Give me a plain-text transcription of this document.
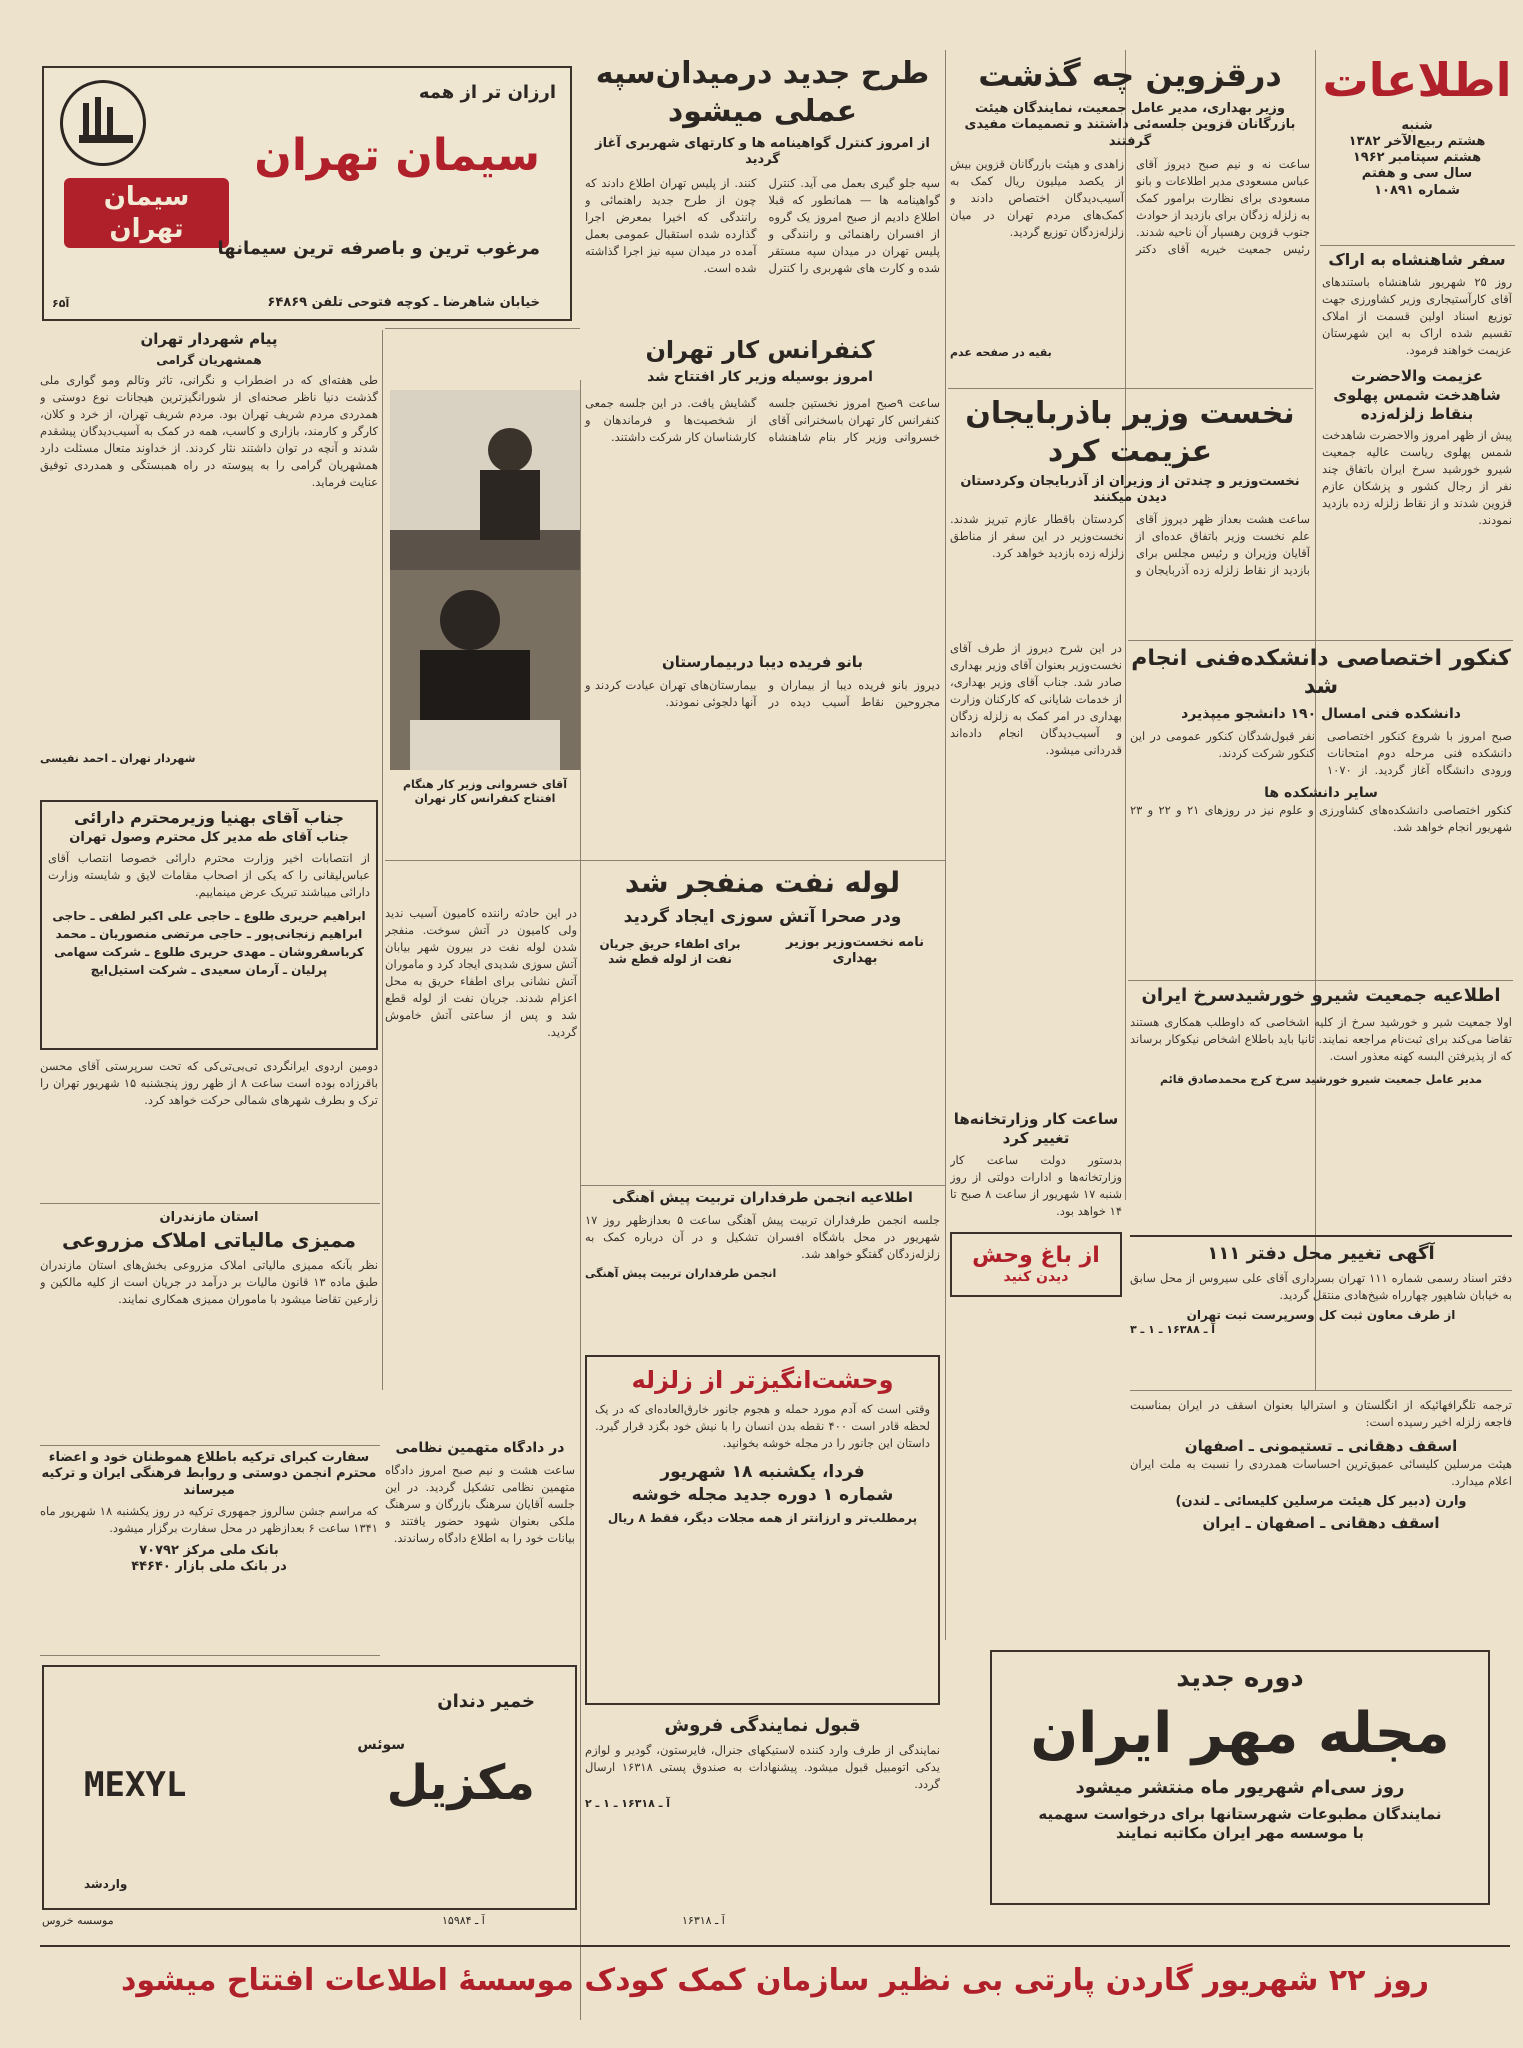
اطلاعات
شنبه
هشتم ربیع‌الآخر ۱۳۸۲
هشتم سپتامبر ۱۹۶۲
سال سی و هفتم
شماره ۱۰۸۹۱
سفر شاهنشاه به اراک
روز ۲۵ شهریور شاهنشاه باستندهای آقای کارآستیجاری وزیر کشاورزی جهت توزیع اسناد اولین قسمت از املاک تقسیم شده اراک به این شهرستان عزیمت خواهند فرمود.
عزیمت والاحضرت شاهدخت شمس پهلوی بنقاط زلزله‌زده
پیش از ظهر امروز والاحضرت شاهدخت شمس پهلوی ریاست عالیه جمعیت شیرو خورشید سرخ ایران باتفاق چند نفر از رجال کشور و پزشکان عازم قزوین شدند و از نقاط زلزله زده بازدید نمودند.
درقزوین چه گذشت
وزیر بهداری، مدیر عامل جمعیت، نمایندگان هیئت بازرگانان قزوین جلسه‌ئی داشتند و تصمیمات مفیدی گرفتند
ساعت نه و نیم صبح دیروز آقای عباس مسعودی مدیر اطلاعات و بانو مسعودی برای نظارت برامور کمک به زلزله زدگان برای بازدید از حوادث جنوب قزوین رهسپار آن ناحیه شدند. رئیس جمعیت خیریه آقای دکتر زاهدی و هیئت بازرگانان قزوین بیش از یکصد میلیون ریال کمک به آسیب‌دیدگان اختصاص دادند و کمک‌های مردم تهران در میان زلزله‌زدگان توزیع گردید.
بقیه در صفحه عدم
نخست وزیر باذربایجان
عزیمت کرد
نخست‌وزیر و چندتن از وزیران از آذربایجان وکردستان دیدن میکنند
ساعت هشت بعداز ظهر دیروز آقای علم نخست وزیر باتفاق عده‌ای از آقایان وزیران و رئیس مجلس برای بازدید از نقاط زلزله زده آذربایجان و کردستان باقطار عازم تبریز شدند. نخست‌وزیر در این سفر از مناطق زلزله زده بازدید خواهد کرد.
کنکور اختصاصی دانشکده‌فنی انجام شد
دانشکده فنی امسال ۱۹۰ دانشجو میپذیرد
صبح امروز با شروع کنکور اختصاصی دانشکده فنی مرحله دوم امتحانات ورودی دانشگاه آغاز گردید. از ۱۰۷۰ نفر قبول‌شدگان کنکور عمومی در این کنکور شرکت کردند.
سایر دانشکده ها
کنکور اختصاصی دانشکده‌های کشاورزی و علوم نیز در روزهای ۲۱ و ۲۲ و ۲۳ شهریور انجام خواهد شد.
در این شرح دیروز از طرف آقای نخست‌وزیر بعنوان آقای وزیر بهداری صادر شد. جناب آقای وزیر بهداری، از خدمات شایانی که کارکنان وزارت بهداری در امر کمک به زلزله زدگان و آسیب‌دیدگان انجام داده‌اند قدردانی میشود.
اطلاعیه جمعیت شیرو خورشیدسرخ ایران
اولا جمعیت شیر و خورشید سرخ از کلیه اشخاصی که داوطلب همکاری هستند تقاضا می‌کند برای ثبت‌نام مراجعه نمایند. ثانیا باید باطلاع اشخاص نیکوکار برساند که از پذیرفتن البسه کهنه معذور است.
مدیر عامل جمعیت شیرو خورشید سرخ کرج محمدصادق قائم
آگهی تغییر محل دفتر ۱۱۱
دفتر اسناد رسمی شماره ۱۱۱ تهران بسرداری آقای علی سیروس از محل سابق به خیابان شاهپور چهارراه شیخ‌هادی منتقل گردید.
از طرف معاون ثبت کل وسرپرست ثبت تهران
آ ـ ۱۶۳۸۸ ـ ۱ ـ ۳
ساعت کار وزارتخانه‌ها تغییر کرد
بدستور دولت ساعت کار وزارتخانه‌ها و ادارات دولتی از روز شنبه ۱۷ شهریور از ساعت ۸ صبح تا ۱۴ خواهد بود.
از باغ وحش
دیدن کنید
ترجمه تلگرافهائیکه از انگلستان و استرالیا بعنوان اسقف در ایران بمناسبت فاجعه زلزله اخیر رسیده است:
اسقف دهقانی ـ تستیمونی ـ اصفهان
هیئت مرسلین کلیسائی عمیق‌ترین احساسات همدردی را نسبت به ملت ایران اعلام میدارد.
وارن (دبیر کل هیئت مرسلین کلیسائی ـ لندن)
اسقف دهقانی ـ اصفهان ـ ایران
دوره جدید
مجله مهر ایران
روز سی‌ام شهریور ماه منتشر میشود
نمایندگان مطبوعات شهرستانها برای درخواست سهمیه
با موسسه مهر ایران مکاتبه نمایند
ارزان تر از همه
سیمان تهران
سیمان تهران
مرغوب ترین و باصرفه ترین سیمانها
خیابان شاهرضا ـ کوچه فتوحی تلفن ۶۴۸۶۹
آ۶۵
طرح جدید درمیدان‌سپه
عملی میشود
از امروز کنترل گواهینامه ها و کارتهای شهربری آغاز گردید
سپه جلو گیری بعمل می آید. کنترل گواهینامه ها — همانطور که قبلا اطلاع دادیم از صبح امروز یک گروه از افسران راهنمائی و رانندگی و پلیس تهران در میدان سپه مستقر شده و کارت های شهربری را کنترل کنند. از پلیس تهران اطلاع دادند که چون از طرح جدید راهنمائی و رانندگی که اخیرا بمعرض اجرا گذارده شده استقبال عمومی بعمل آمده در میدان سپه نیز اجرا گذاشته شده است.
کنفرانس کار تهران
امروز بوسیله وزیر کار افتتاح شد
ساعت ۹صبح امروز نخستین جلسه کنفرانس کار تهران باسخنرانی آقای خسروانی وزیر کار بنام شاهنشاه گشایش یافت. در این جلسه جمعی از شخصیت‌ها و فرماندهان و کارشناسان کار شرکت داشتند.
بانو فریده دیبا دربیمارستان
دیروز بانو فریده دیبا از بیماران و مجروحین نقاط آسیب دیده در بیمارستان‌های تهران عیادت کردند و آنها دلجوئی نمودند.
آقای خسروانی وزیر کار هنگام
افتتاح کنفرانس کار تهران
پیام شهردار تهران
همشهریان گرامی
طی هفته‌ای که در اضطراب و نگرانی، تاثر وتالم ومو گواری ملی گذشت دنیا ناظر صحنه‌ای از شورانگیزترین هیجانات نوع دوستی و همدردی مردم شریف تهران بود. مردم شریف تهران، از خرد و کلان، کارگر و کارمند، بازاری و کاسب، همه در کمک به آسیب‌دیدگان پیشقدم شدند و آنچه در توان داشتند نثار کردند. از خداوند متعال مسئلت دارد همشهریان گرامی را به پیوسته در راه همبستگی و همدردی توفیق عنایت فرماید.
شهردار تهران ـ احمد نفیسی
جناب آقای بهنیا وزیرمحترم دارائی
جناب آقای طه مدیر کل محترم وصول تهران
از انتصابات اخیر وزارت محترم دارائی خصوصا انتصاب آقای عباس‌لیقانی را که یکی از اصحاب مقامات لایق و شایسته وزارت دارائی میباشند تبریک عرض مینماییم.
ابراهیم حریری طلوع ـ حاجی علی اکبر لطفی ـ حاجی ابراهیم زنجانی‌پور ـ حاجی مرتضی منصوریان ـ محمد کرباسفروشان ـ مهدی حریری طلوع ـ شرکت سهامی پرلیان ـ آرمان سعیدی ـ شرکت استیل‌ایچ
دومین اردوی ایرانگردی تی‌بی‌تی‌کی که تحت سرپرستی آقای محسن باقرزاده بوده است ساعت ۸ از ظهر روز پنجشنبه ۱۵ شهریور تهران را ترک و بطرف شهرهای شمالی حرکت خواهد کرد.
استان مازندران
ممیزی مالیاتی املاک مزروعی
نظر بآنکه ممیزی مالیاتی املاک مزروعی بخش‌های استان مازندران طبق ماده ۱۳ قانون مالیات بر درآمد در جریان است از کلیه مالکین و زارعین تقاضا میشود با ماموران ممیزی همکاری نمایند.
سفارت کبرای ترکیه باطلاع هموطنان خود و اعضاء محترم انجمن دوستی و روابط فرهنگی ایران و ترکیه میرساند
که مراسم جشن سالروز جمهوری ترکیه در روز یکشنبه ۱۸ شهریور ماه ۱۳۴۱ ساعت ۶ بعدازظهر در محل سفارت برگزار میشود.
بانک ملی مرکز ۷۰۷۹۲
در بانک ملی بازار ۴۴۶۴۰
لوله نفت منفجر شد
ودر صحرا آتش سوزی ایجاد گردید
برای اطفاء حریق جریان نفت از لوله قطع شد
در این حادثه راننده کامیون آسیب ندید ولی کامیون در آتش سوخت. منفجر شدن لوله نفت در بیرون شهر بیابان آتش سوزی شدیدی ایجاد کرد و ماموران آتش نشانی برای اطفاء حریق به محل اعزام شدند. جریان نفت از لوله قطع شد و پس از ساعتی آتش خاموش گردید.
نامه نخست‌وزیر بوزیر بهداری
در دادگاه متهمین نظامی
ساعت هشت و نیم صبح امروز دادگاه متهمین نظامی تشکیل گردید. در این جلسه آقایان سرهنگ بازرگان و سرهنگ ملکی بعنوان شهود حضور یافتند و بیانات خود را به اطلاع دادگاه رساندند.
اطلاعیه انجمن طرفداران تربیت پیش آهنگی
جلسه انجمن طرفداران تربیت پیش آهنگی ساعت ۵ بعدازظهر روز ۱۷ شهریور در محل باشگاه افسران تشکیل و در آن درباره کمک به زلزله‌زدگان گفتگو خواهد شد.
انجمن طرفداران تربیت پیش آهنگی
وحشت‌انگیزتر از زلزله
وقتی است که آدم مورد حمله و هجوم جانور خارق‌العاده‌ای که در یک لحظه قادر است ۴۰۰ نقطه بدن انسان را با نیش خود بگزد قرار گیرد. داستان این جانور را در مجله خوشه بخوانید.
فردا، یکشنبه ۱۸ شهریور
شماره ۱ دوره جدید مجله خوشه
پرمطلب‌تر و ارزانتر از همه مجلات دیگر، فقط ۸ ریال
قبول نمایندگی فروش
نمایندگی از طرف وارد کننده لاستیکهای جنرال، فایرستون، گودیر و لوازم یدکی اتومبیل قبول میشود. پیشنهادات به صندوق پستی ۱۶۳۱۸ ارسال گردد.
آ ـ ۱۶۳۱۸ ـ ۱ ـ ۲
خمیر دندان
سوئس
مکزیل
MEXYL
واردشد
موسسه خروس	آ ـ ۱۵۹۸۴	آ ـ ۱۶۳۱۸
روز ۲۲ شهریور گاردن پارتی بی نظیر سازمان کمک کودک موسسهٔ اطلاعات افتتاح میشود
